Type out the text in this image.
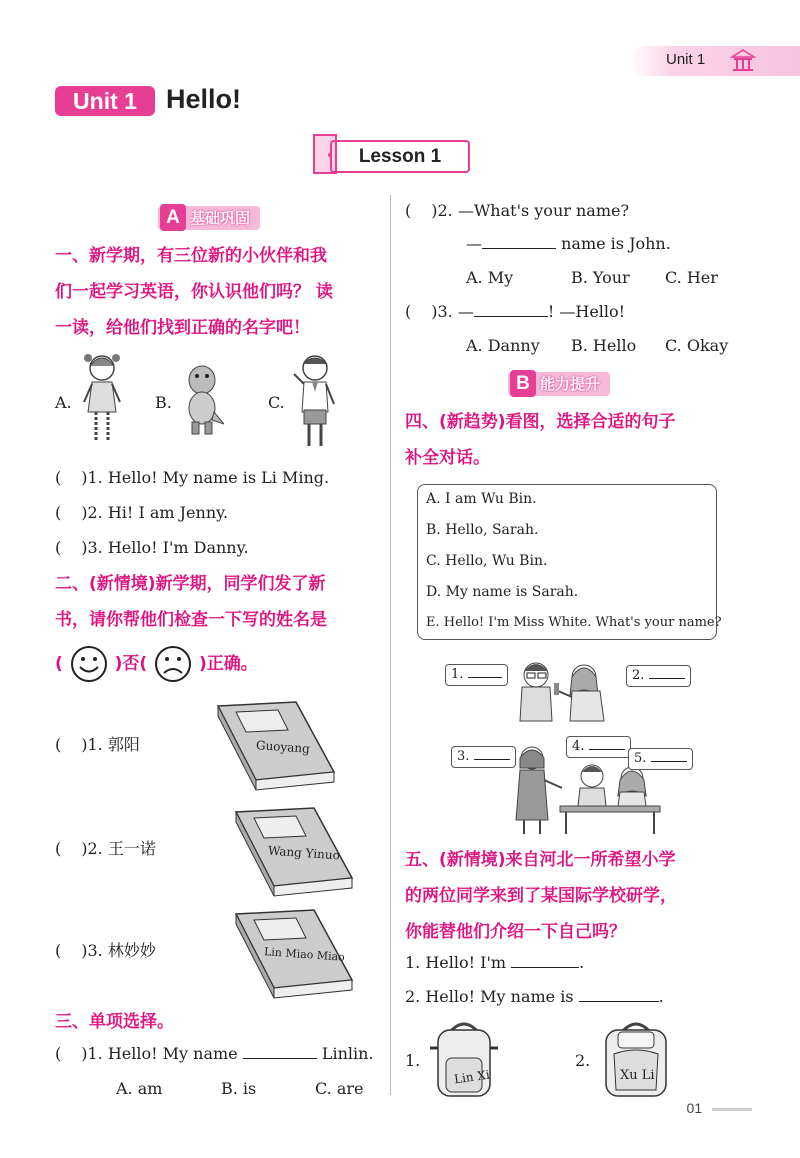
Unit 1
Unit 1	Hello!
Lesson 1
A 基础巩固
一、新学期，有三位新的小伙伴和我
们一起学习英语，你认识他们吗？ 读
一读，给他们找到正确的名字吧！
A.	B.	C.
( )1. Hello! My name is Li Ming.
( )2. Hi! I am Jenny.
( )3. Hello! I'm Danny.
二、(新情境)新学期，同学们发了新
书，请你帮他们检查一下写的姓名是
(	)否(	)正确。
( )1. 郭阳
( )2. 王一诺
( )3. 林妙妙
Guoyang
Wang Yinuo
Lin Miao Miao
三、单项选择。
( )1. Hello! My name	Linlin.
A. am	B. is	C. are
( )2. —What's your name?
—	name is John.
A. My	B. Your C. Her
( )3. —	! —Hello!
A. Danny B. Hello C. Okay
B 能力提升
四、(新趋势)看图，选择合适的句子
补全对话。
A. I am Wu Bin.
B. Hello, Sarah.
C. Hello, Wu Bin.
D. My name is Sarah.
E. Hello! I'm Miss White. What's your name?
1.	2.
3.
4.
5.
五、(新情境)来自河北一所希望小学
的两位同学来到了某国际学校研学，
你能替他们介绍一下自己吗？
1. Hello! I'm	.
2. Hello! My name is	.
1.
Lin Xi
2.
Xu Li
01
